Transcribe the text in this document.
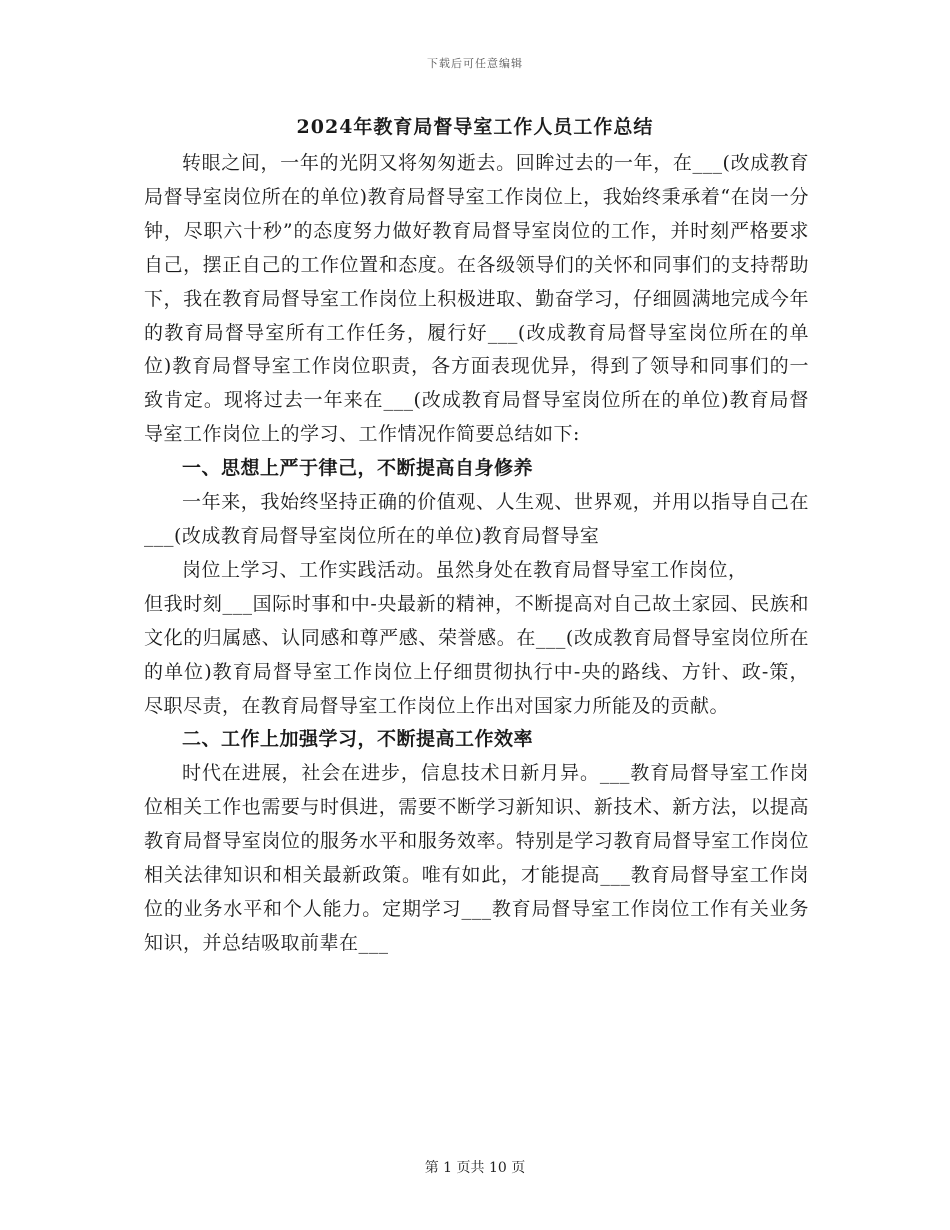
下载后可任意编辑
2024年教育局督导室工作人员工作总结

转眼之间，一年的光阴又将匆匆逝去。回眸过去的一年，在___(改成教育局督导室岗位所在的单位)教育局督导室工作岗位上，我始终秉承着“在岗一分钟，尽职六十秒”的态度努力做好教育局督导室岗位的工作，并时刻严格要求自己，摆正自己的工作位置和态度。在各级领导们的关怀和同事们的支持帮助下，我在教育局督导室工作岗位上积极进取、勤奋学习，仔细圆满地完成今年的教育局督导室所有工作任务，履行好___(改成教育局督导室岗位所在的单位)教育局督导室工作岗位职责，各方面表现优异，得到了领导和同事们的一致肯定。现将过去一年来在___(改成教育局督导室岗位所在的单位)教育局督导室工作岗位上的学习、工作情况作简要总结如下:

一、思想上严于律己，不断提高自身修养

一年来，我始终坚持正确的价值观、人生观、世界观，并用以指导自己在___(改成教育局督导室岗位所在的单位)教育局督导室

岗位上学习、工作实践活动。虽然身处在教育局督导室工作岗位，

但我时刻___国际时事和中-央最新的精神，不断提高对自己故土家园、民族和文化的归属感、认同感和尊严感、荣誉感。在___(改成教育局督导室岗位所在的单位)教育局督导室工作岗位上仔细贯彻执行中-央的路线、方针、政-策，尽职尽责，在教育局督导室工作岗位上作出对国家力所能及的贡献。

二、工作上加强学习，不断提高工作效率

时代在进展，社会在进步，信息技术日新月异。___教育局督导室工作岗位相关工作也需要与时俱进，需要不断学习新知识、新技术、新方法，以提高教育局督导室岗位的服务水平和服务效率。特别是学习教育局督导室工作岗位相关法律知识和相关最新政策。唯有如此，才能提高___教育局督导室工作岗位的业务水平和个人能力。定期学习___教育局督导室工作岗位工作有关业务知识，并总结吸取前辈在___

第 1 页共 10 页
